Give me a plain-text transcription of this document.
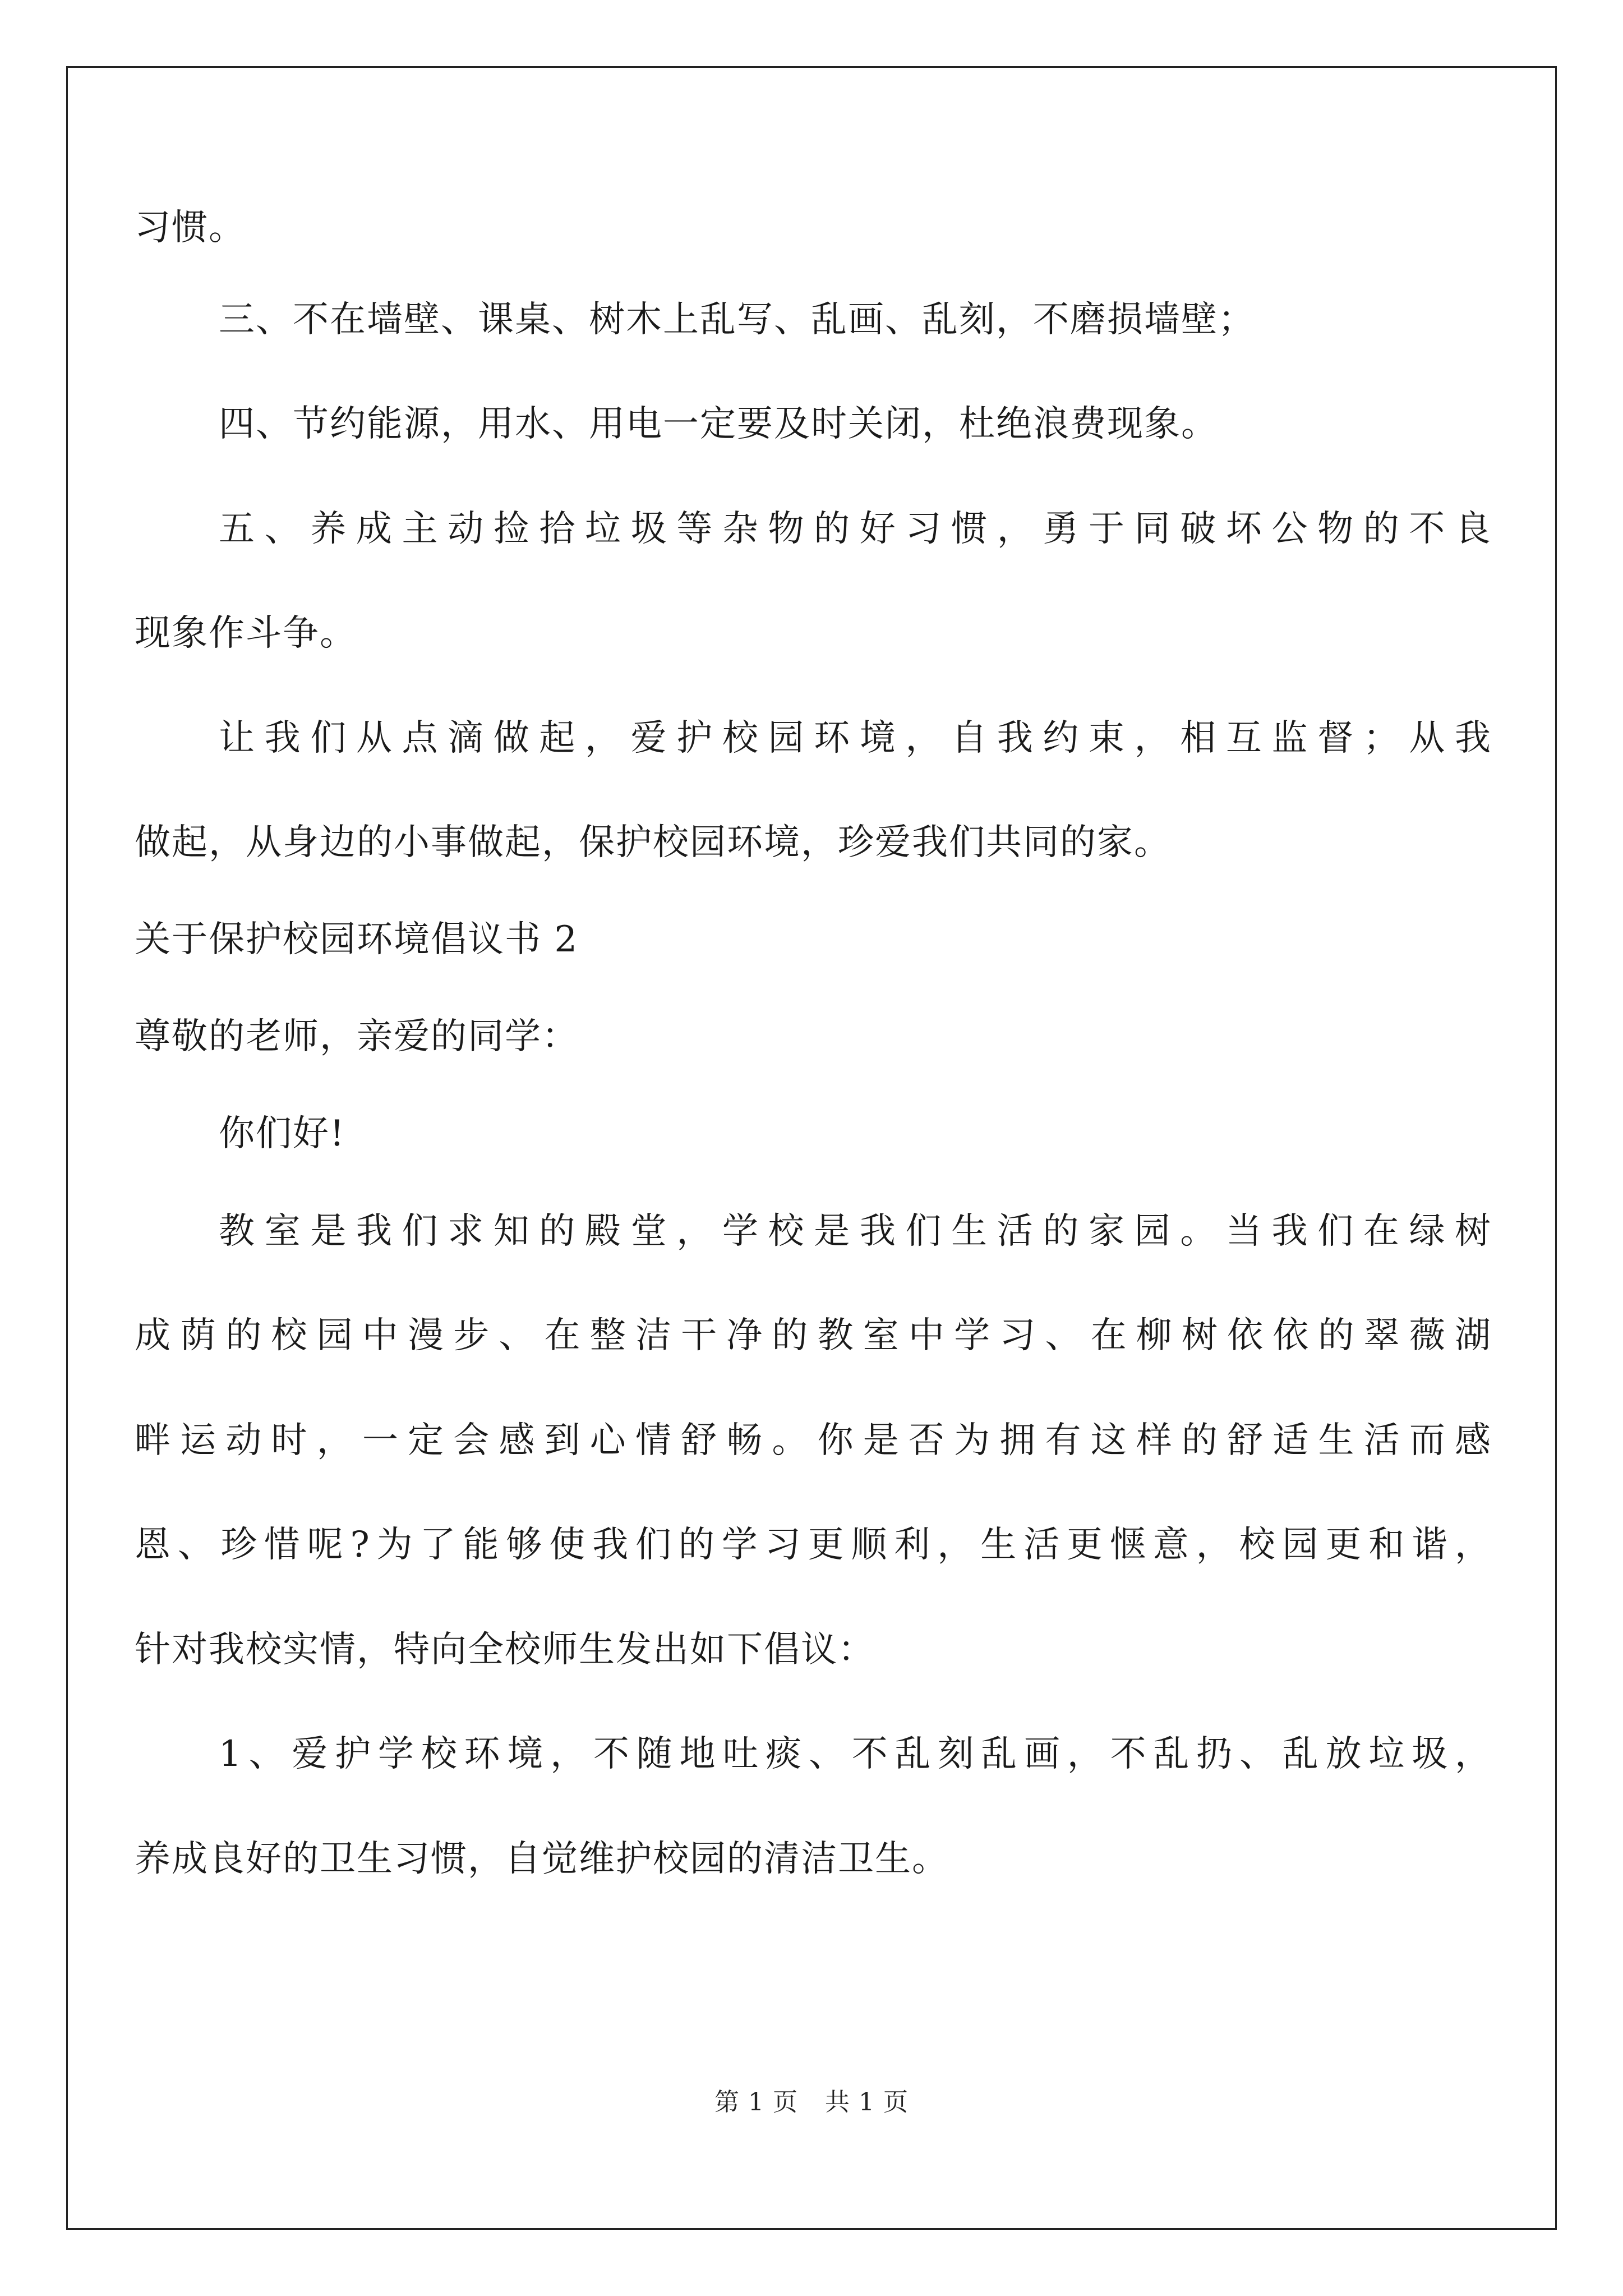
习惯。
三、不在墙壁、课桌、树木上乱写、乱画、乱刻，不磨损墙壁；
四、节约能源，用水、用电一定要及时关闭，杜绝浪费现象。
五、养成主动捡拾垃圾等杂物的好习惯，勇于同破坏公物的不良
现象作斗争。
让我们从点滴做起，爱护校园环境，自我约束，相互监督；从我
做起，从身边的小事做起，保护校园环境，珍爱我们共同的家。
关于保护校园环境倡议书 2
尊敬的老师，亲爱的同学：
你们好!
教室是我们求知的殿堂，学校是我们生活的家园。当我们在绿树
成荫的校园中漫步、在整洁干净的教室中学习、在柳树依依的翠薇湖
畔运动时，一定会感到心情舒畅。你是否为拥有这样的舒适生活而感
恩、珍惜呢?为了能够使我们的学习更顺利，生活更惬意，校园更和谐，
针对我校实情，特向全校师生发出如下倡议：
1、爱护学校环境，不随地吐痰、不乱刻乱画，不乱扔、乱放垃圾，
养成良好的卫生习惯，自觉维护校园的清洁卫生。
第 1 页 共 1 页
